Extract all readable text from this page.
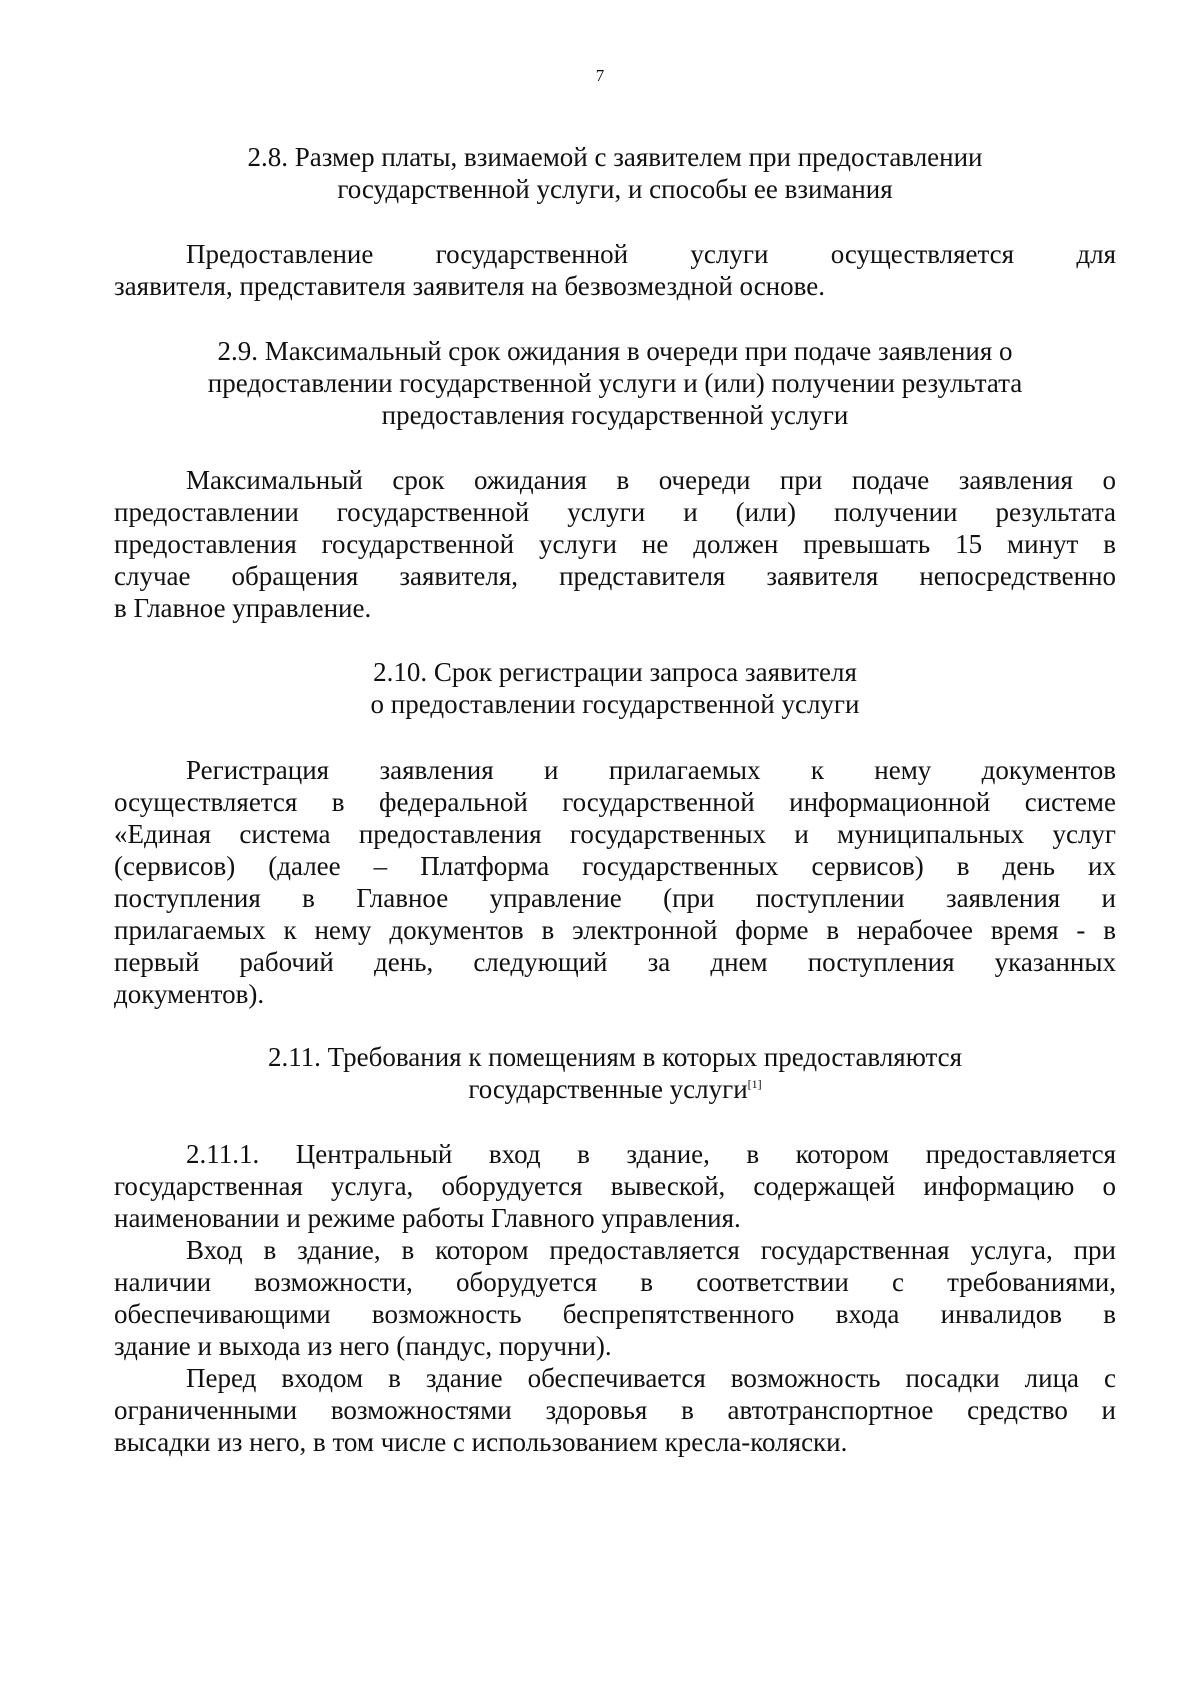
7
2.8. Размер платы, взимаемой с заявителем при предоставлении
государственной услуги, и способы ее взимания
Предоставление государственной услуги осуществляется для
заявителя, представителя заявителя на безвозмездной основе.
2.9. Максимальный срок ожидания в очереди при подаче заявления о
предоставлении государственной услуги и (или) получении результата
предоставления государственной услуги
Максимальный срок ожидания в очереди при подаче заявления о
предоставлении государственной услуги и (или) получении результата
предоставления государственной услуги не должен превышать 15 минут в
случае обращения заявителя, представителя заявителя непосредственно
в Главное управление.
2.10. Срок регистрации запроса заявителя
о предоставлении государственной услуги
Регистрация заявления и прилагаемых к нему документов
осуществляется в федеральной государственной информационной системе
«Единая система предоставления государственных и муниципальных услуг
(сервисов) (далее – Платформа государственных сервисов) в день их
поступления в Главное управление (при поступлении заявления и
прилагаемых к нему документов в электронной форме в нерабочее время - в
первый рабочий день, следующий за днем поступления указанных
документов).
2.11. Требования к помещениям в которых предоставляются
государственные услуги[1]
2.11.1. Центральный вход в здание, в котором предоставляется
государственная услуга, оборудуется вывеской, содержащей информацию о
наименовании и режиме работы Главного управления.
Вход в здание, в котором предоставляется государственная услуга, при
наличии возможности, оборудуется в соответствии с требованиями,
обеспечивающими возможность беспрепятственного входа инвалидов в
здание и выхода из него (пандус, поручни).
Перед входом в здание обеспечивается возможность посадки лица с
ограниченными возможностями здоровья в автотранспортное средство и
высадки из него, в том числе с использованием кресла-коляски.
